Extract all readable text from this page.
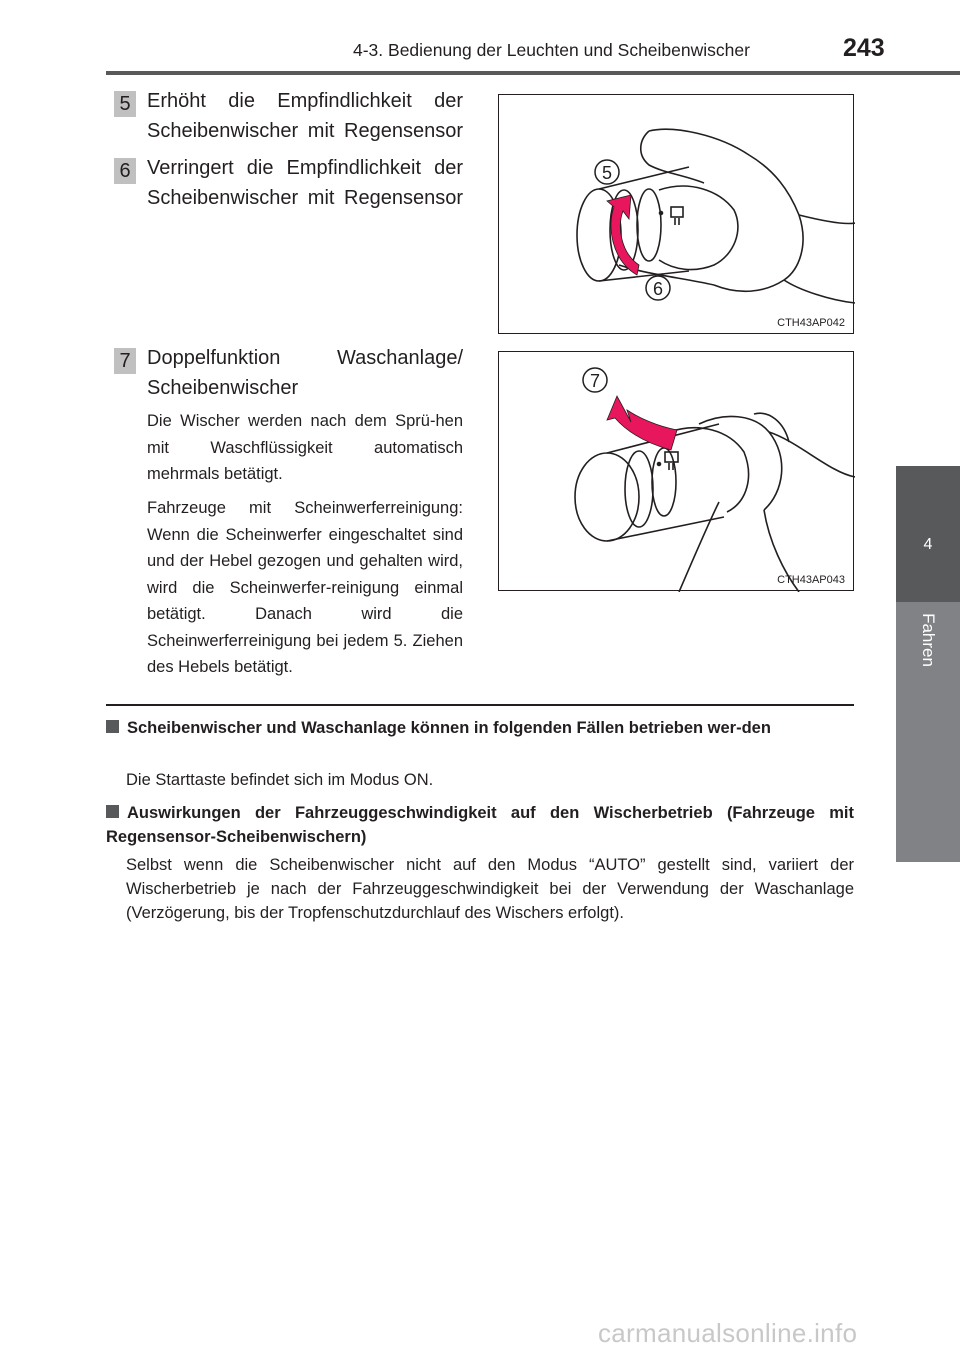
4-3. Bedienung der Leuchten und Scheibenwischer	243
4
Fahren
5 Erhöht die Empfindlichkeit der Scheibenwischer mit Regensensor
6 Verringert die Empfindlichkeit der Scheibenwischer mit Regensensor
5
6
CTH43AP042
7 Doppelfunktion Waschanlage/ Scheibenwischer
Die Wischer werden nach dem Sprü-hen mit Waschflüssigkeit automatisch mehrmals betätigt.
Fahrzeuge mit Scheinwerferreinigung: Wenn die Scheinwerfer eingeschaltet sind und der Hebel gezogen und gehalten wird, wird die Scheinwerfer-reinigung einmal betätigt. Danach wird die Scheinwerferreinigung bei jedem 5. Ziehen des Hebels betätigt.
7
CTH43AP043
Scheibenwischer und Waschanlage können in folgenden Fällen betrieben wer-den
Die Starttaste befindet sich im Modus ON.
Auswirkungen der Fahrzeuggeschwindigkeit auf den Wischerbetrieb (Fahrzeuge mit Regensensor-Scheibenwischern)
Selbst wenn die Scheibenwischer nicht auf den Modus “AUTO” gestellt sind, variiert der Wischerbetrieb je nach der Fahrzeuggeschwindigkeit bei der Verwendung der Waschanlage (Verzögerung, bis der Tropfenschutzdurchlauf des Wischers erfolgt).
carmanualsonline.info
